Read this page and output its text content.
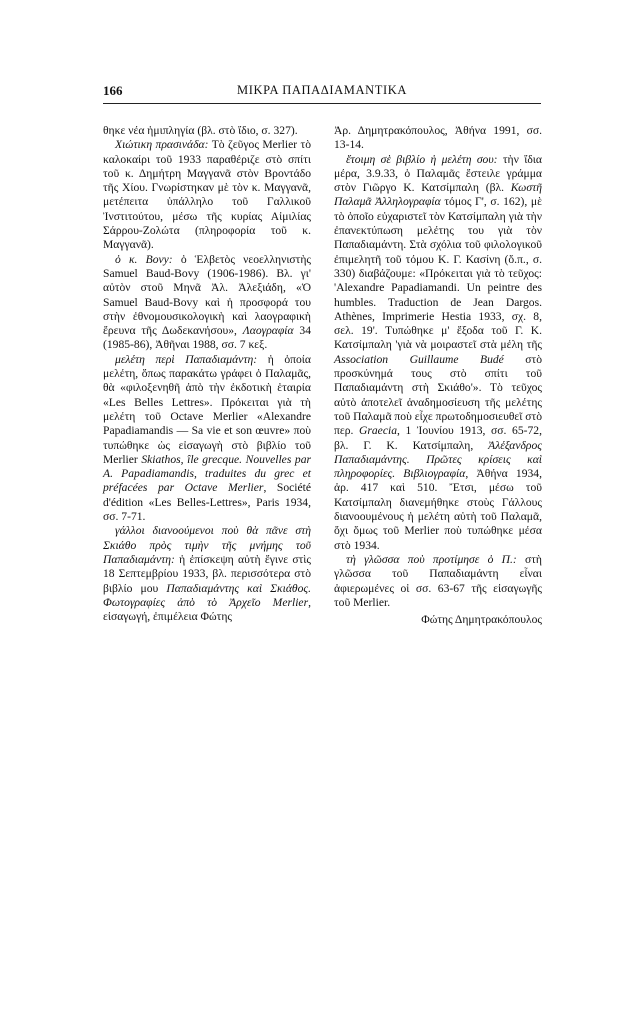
166	ΜΙΚΡΑ ΠΑΠΑΔΙΑΜΑΝΤΙΚΑ

θηκε νέα ἡμιπληγία (βλ. στὸ ἴδιο, σ. 327).

Χιώτικη πρασινάδα: Τὸ ζεῦγος Merlier τὸ καλοκαίρι τοῦ 1933 παραθέριζε στὸ σπίτι τοῦ κ. Δημήτρη Μαγγανᾶ στὸν Βροντάδο τῆς Χίου. Γνωρίστηκαν μὲ τὸν κ. Μαγγανᾶ, μετέπειτα ὑπάλληλο τοῦ Γαλλικοῦ Ἰνστιτούτου, μέσω τῆς κυρίας Αἰμιλίας Σάρρου-Ζολώτα (πληροφορία τοῦ κ. Μαγγανᾶ).

ὁ κ. Bovy: ὁ Ἑλβετὸς νεοελληνιστὴς Samuel Baud-Bovy (1906-1986). Βλ. γι' αὐτὸν στοῦ Μηνᾶ Ἀλ. Ἀλεξιάδη, «Ὁ Samuel Baud-Bovy καὶ ἡ προσφορά του στὴν ἐθνομουσικολογικὴ καὶ λαογραφικὴ ἔρευνα τῆς Δωδεκανήσου», Λαογραφία 34 (1985-86), Ἀθῆναι 1988, σσ. 7 κεξ.

μελέτη περὶ Παπαδιαμάντη: ἡ ὁποία μελέτη, ὅπως παρακάτω γράφει ὁ Παλαμᾶς, θὰ «φιλοξενηθῆ ἀπὸ τὴν ἐκδοτικὴ ἑταιρία «Les Belles Lettres». Πρόκειται γιὰ τὴ μελέτη τοῦ Octave Merlier «Alexandre Papadiamandis — Sa vie et son œuvre» ποὺ τυπώθηκε ὡς εἰσαγωγὴ στὸ βιβλίο τοῦ Merlier Skiathos, île grecque. Nouvelles par A. Papadiamandis, traduites du grec et préfacées par Octave Merlier, Société d'édition «Les Belles-Lettres», Paris 1934, σσ. 7-71.

γάλλοι διανοούμενοι ποὺ θὰ πᾶνε στὴ Σκιάθο πρὸς τιμὴν τῆς μνήμης τοῦ Παπαδιαμάντη: ἡ ἐπίσκεψη αὐτὴ ἔγινε στὶς 18 Σεπτεμβρίου 1933, βλ. περισσότερα στὸ βιβλίο μου Παπαδιαμάντης καὶ Σκιάθος. Φωτογραφίες ἀπὸ τὸ Ἀρχεῖο Merlier, εἰσαγωγή, ἐπιμέλεια Φώτης

Ἀρ. Δημητρακόπουλος, Ἀθήνα 1991, σσ. 13-14.

ἕτοιμη σὲ βιβλίο ἡ μελέτη σου: τὴν ἴδια μέρα, 3.9.33, ὁ Παλαμᾶς ἔστειλε γράμμα στὸν Γιῶργο Κ. Κατσίμπαλη (βλ. Κωστῆ Παλαμᾶ Ἀλληλογραφία τόμος Γ', σ. 162), μὲ τὸ ὁποῖο εὐχαριστεῖ τὸν Κατσίμπαλη γιὰ τὴν ἐπανεκτύπωση μελέτης του γιὰ τὸν Παπαδιαμάντη. Στὰ σχόλια τοῦ φιλολογικοῦ ἐπιμελητῆ τοῦ τόμου Κ. Γ. Κασίνη (ὅ.π., σ. 330) διαβάζουμε: «Πρόκειται γιὰ τὸ τεῦχος: 'Alexandre Papadiamandi. Un peintre des humbles. Traduction de Jean Dargos. Athènes, Imprimerie Hestia 1933, σχ. 8, σελ. 19'. Τυπώθηκε μ' ἔξοδα τοῦ Γ. Κ. Κατσίμπαλη 'γιὰ νὰ μοιραστεῖ στὰ μέλη τῆς Association Guillaume Budé στὸ προσκύνημά τους στὸ σπίτι τοῦ Παπαδιαμάντη στὴ Σκιάθο'». Τὸ τεῦχος αὐτὸ ἀποτελεῖ ἀναδημοσίευση τῆς μελέτης τοῦ Παλαμᾶ ποὺ εἶχε πρωτοδημοσιευθεῖ στὸ περ. Graecia, 1 Ἰουνίου 1913, σσ. 65-72, βλ. Γ. Κ. Κατσίμπαλη, Ἀλέξανδρος Παπαδιαμάντης. Πρῶτες κρίσεις καὶ πληροφορίες. Βιβλιογραφία, Ἀθήνα 1934, ἀρ. 417 καὶ 510. Ἔτσι, μέσω τοῦ Κατσίμπαλη διανεμήθηκε στοὺς Γάλλους διανοουμένους ἡ μελέτη αὐτὴ τοῦ Παλαμᾶ, ὄχι ὅμως τοῦ Merlier ποὺ τυπώθηκε μέσα στὸ 1934.

τὴ γλῶσσα ποὺ προτίμησε ὁ Π.: στὴ γλῶσσα τοῦ Παπαδιαμάντη εἶναι ἀφιερωμένες οἱ σσ. 63-67 τῆς εἰσαγωγῆς τοῦ Merlier.

Φώτης Δημητρακόπουλος
